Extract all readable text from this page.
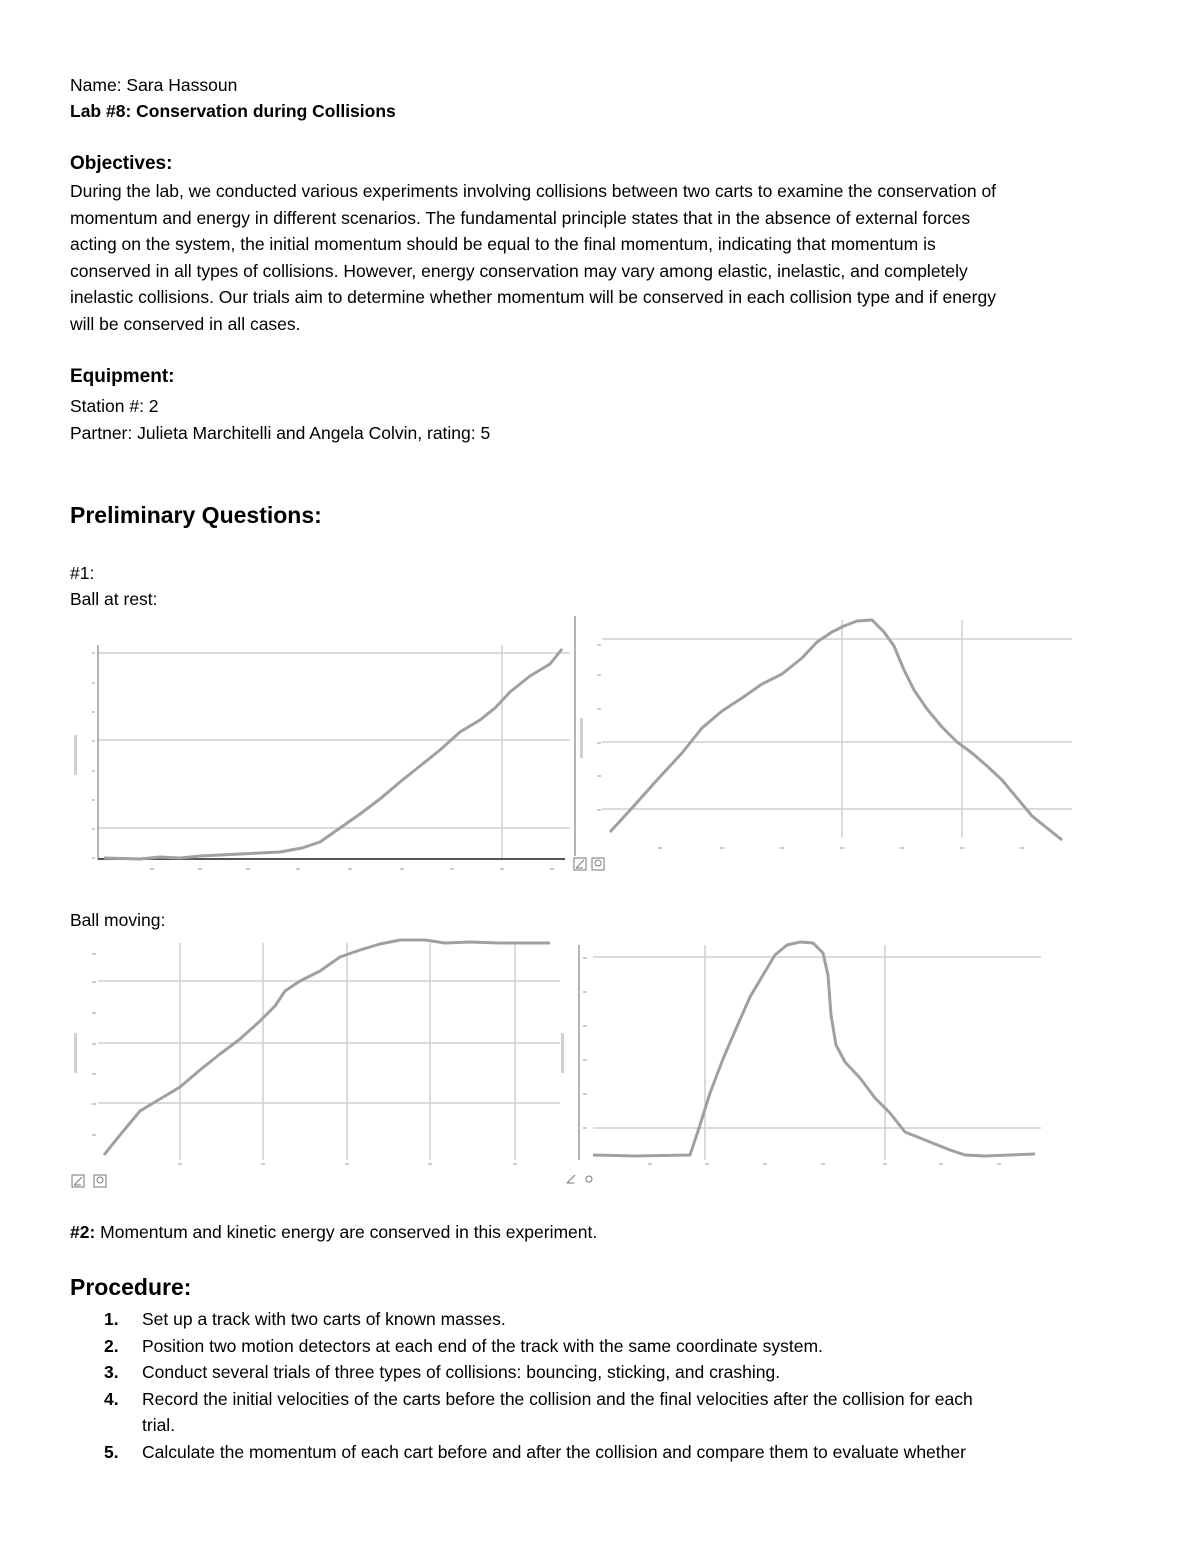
Name: Sara Hassoun
Lab #8: Conservation during Collisions
Objectives:
During the lab, we conducted various experiments involving collisions between two carts to examine the conservation of
momentum and energy in different scenarios. The fundamental principle states that in the absence of external forces
acting on the system, the initial momentum should be equal to the final momentum, indicating that momentum is
conserved in all types of collisions. However, energy conservation may vary among elastic, inelastic, and completely
inelastic collisions. Our trials aim to determine whether momentum will be conserved in each collision type and if energy
will be conserved in all cases.
Equipment:
Station #: 2
Partner: Julieta Marchitelli and Angela Colvin, rating: 5
Preliminary Questions:
#1:
Ball at rest:
Ball moving:
#2: Momentum and kinetic energy are conserved in this experiment.
Procedure:
1. Set up a track with two carts of known masses.
2. Position two motion detectors at each end of the track with the same coordinate system.
3. Conduct several trials of three types of collisions: bouncing, sticking, and crashing.
4. Record the initial velocities of the carts before the collision and the final velocities after the collision for each
trial.
5. Calculate the momentum of each cart before and after the collision and compare them to evaluate whether
